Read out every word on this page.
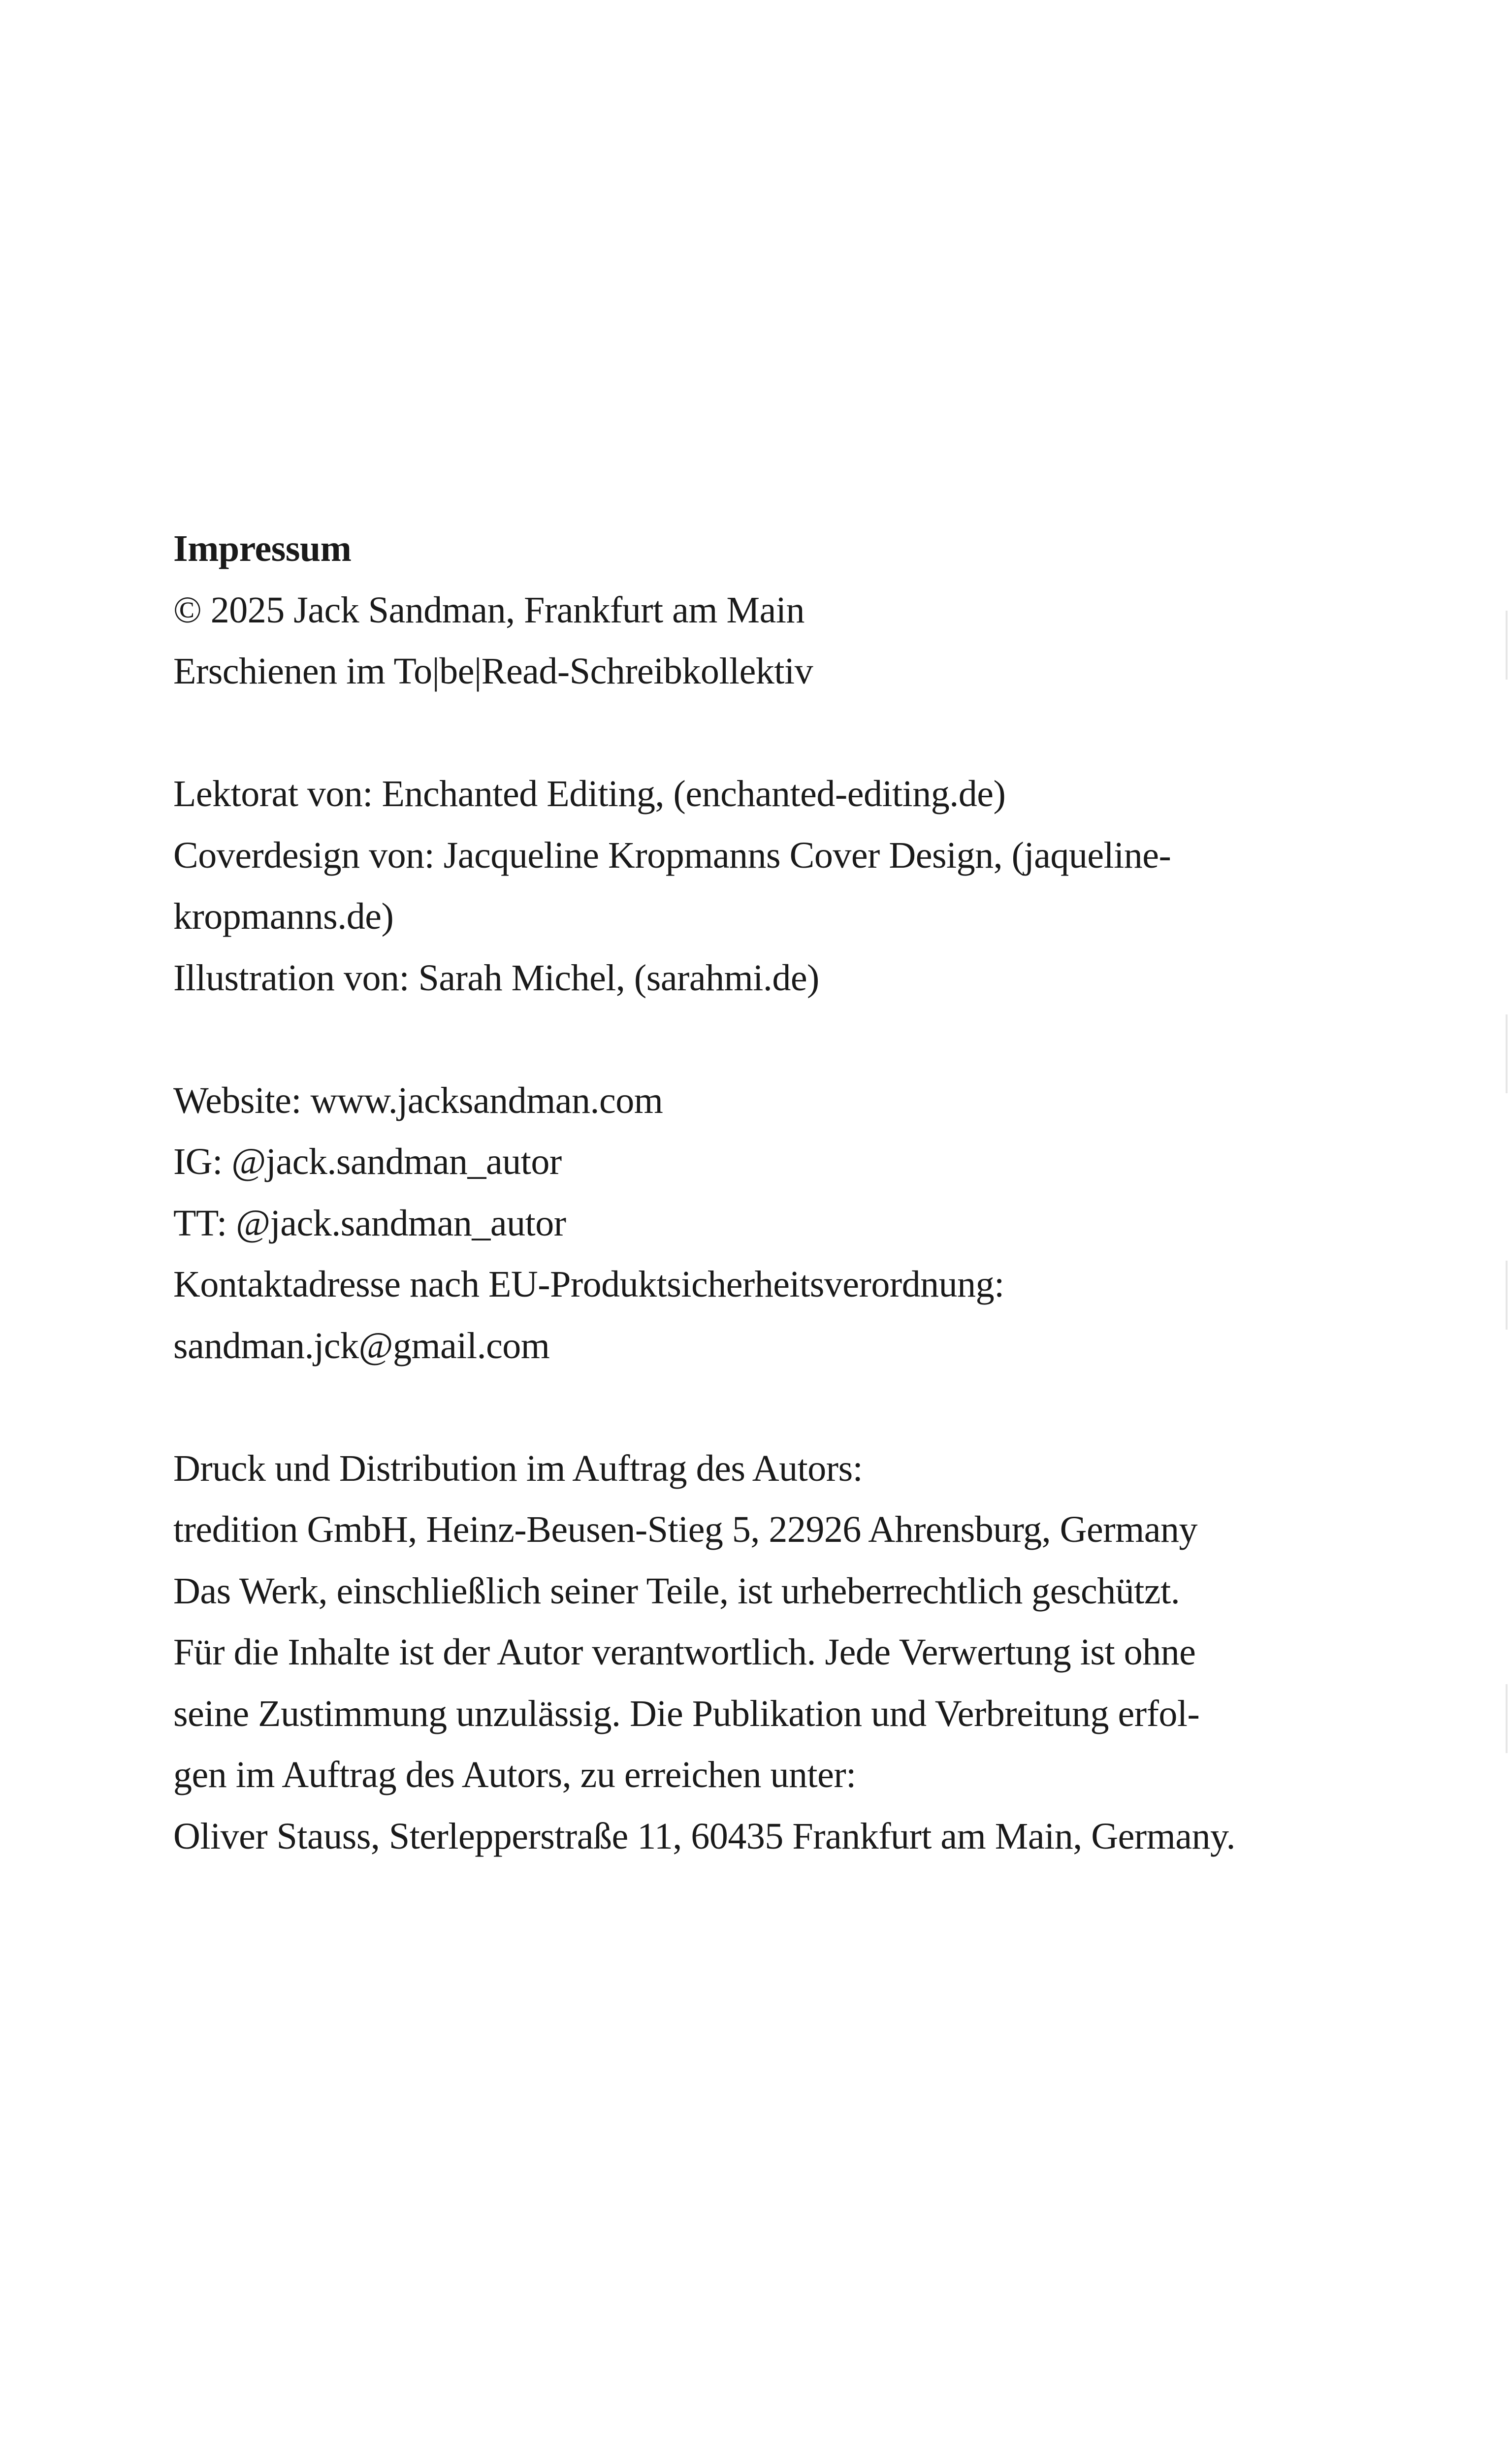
Impressum
© 2025 Jack Sandman, Frankfurt am Main
Erschienen im To|be|Read-Schreibkollektiv
Lektorat von: Enchanted Editing, (enchanted-editing.de)
Coverdesign von: Jacqueline Kropmanns Cover Design, (jaqueline-
kropmanns.de)
Illustration von: Sarah Michel, (sarahmi.de)
Website: www.jacksandman.com
IG: @jack.sandman_autor
TT: @jack.sandman_autor
Kontaktadresse nach EU-Produktsicherheitsverordnung:
sandman.jck@gmail.com
Druck und Distribution im Auftrag des Autors:
tredition GmbH, Heinz-Beusen-Stieg 5, 22926 Ahrensburg, Germany
Das Werk, einschließlich seiner Teile, ist urheberrechtlich geschützt.
Für die Inhalte ist der Autor verantwortlich. Jede Verwertung ist ohne
seine Zustimmung unzulässig. Die Publikation und Verbreitung erfol-
gen im Auftrag des Autors, zu erreichen unter:
Oliver Stauss, Sterlepperstraße 11, 60435 Frankfurt am Main, Germany.
